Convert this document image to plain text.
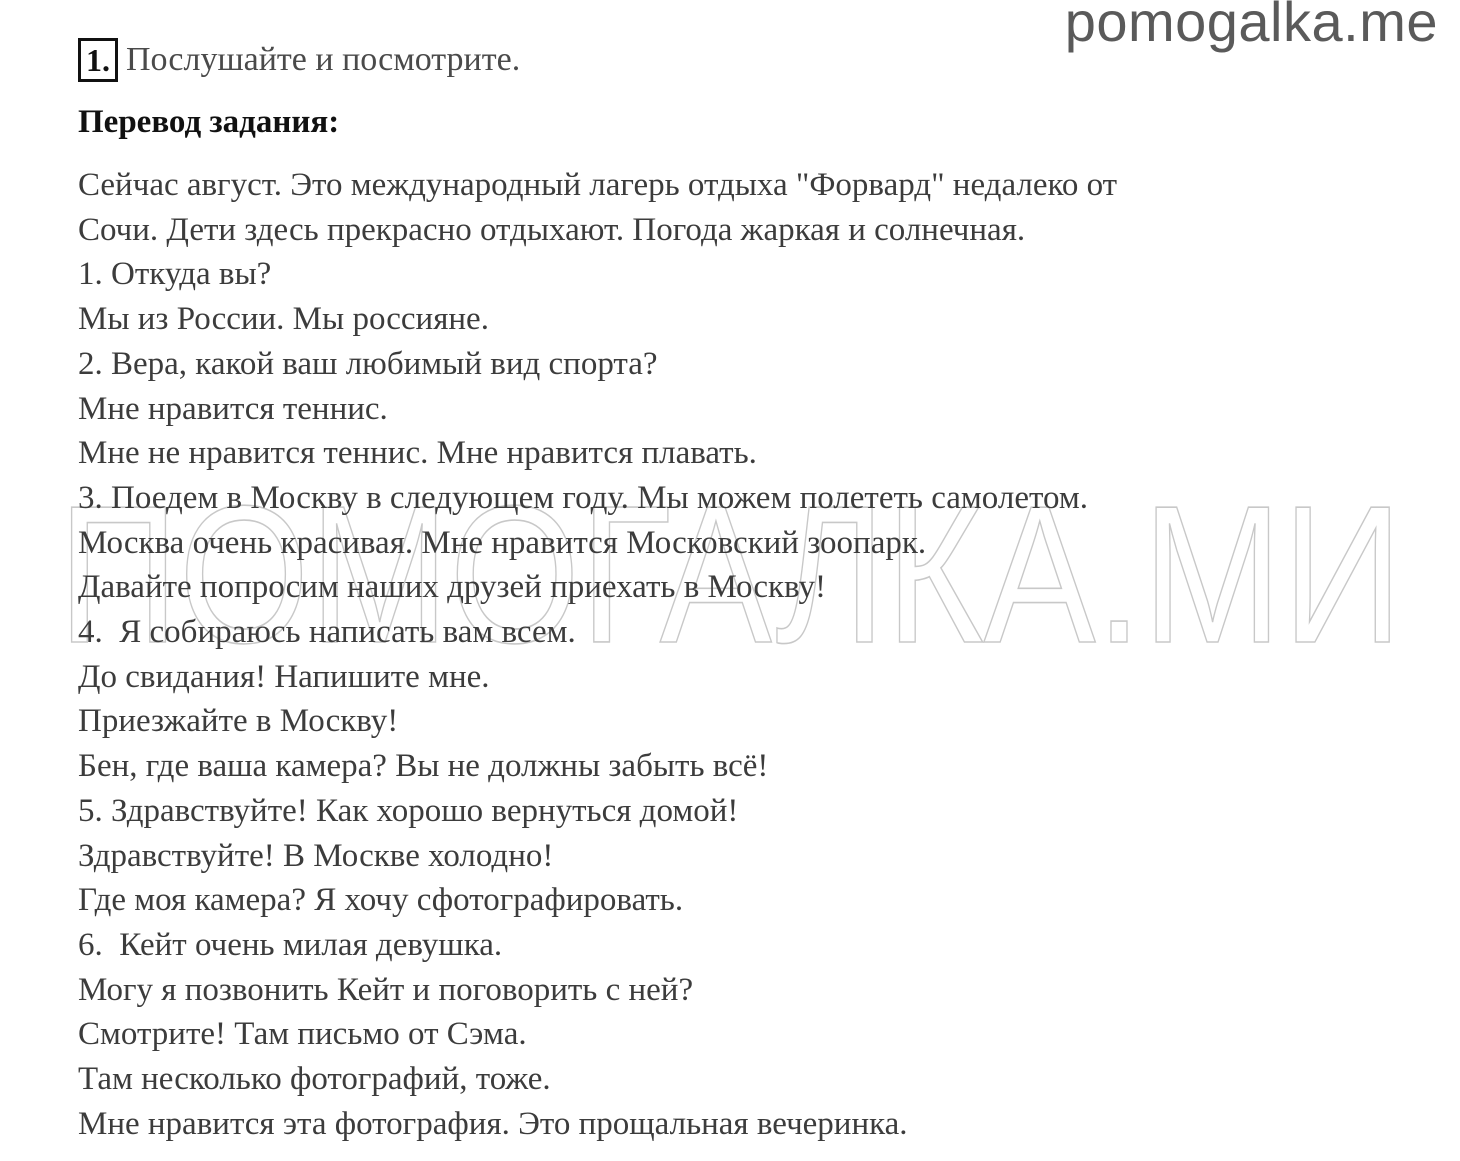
pomogalka.me
ПОМОГАЛКА.МИ
1. Послушайте и посмотрите.
Перевод задания:
Сейчас август. Это международный лагерь отдыха "Форвард" недалеко от
Сочи. Дети здесь прекрасно отдыхают. Погода жаркая и солнечная.
1. Откуда вы?
Мы из России. Мы россияне.
2. Вера, какой ваш любимый вид спорта?
Мне нравится теннис.
Мне не нравится теннис. Мне нравится плавать.
3. Поедем в Москву в следующем году. Мы можем полететь самолетом.
Москва очень красивая. Мне нравится Московский зоопарк.
Давайте попросим наших друзей приехать в Москву!
4.  Я собираюсь написать вам всем.
До свидания! Напишите мне.
Приезжайте в Москву!
Бен, где ваша камера? Вы не должны забыть всё!
5. Здравствуйте! Как хорошо вернуться домой!
Здравствуйте! В Москве холодно!
Где моя камера? Я хочу сфотографировать.
6.  Кейт очень милая девушка.
Могу я позвонить Кейт и поговорить с ней?
Смотрите! Там письмо от Сэма.
Там несколько фотографий, тоже.
Мне нравится эта фотография. Это прощальная вечеринка.
